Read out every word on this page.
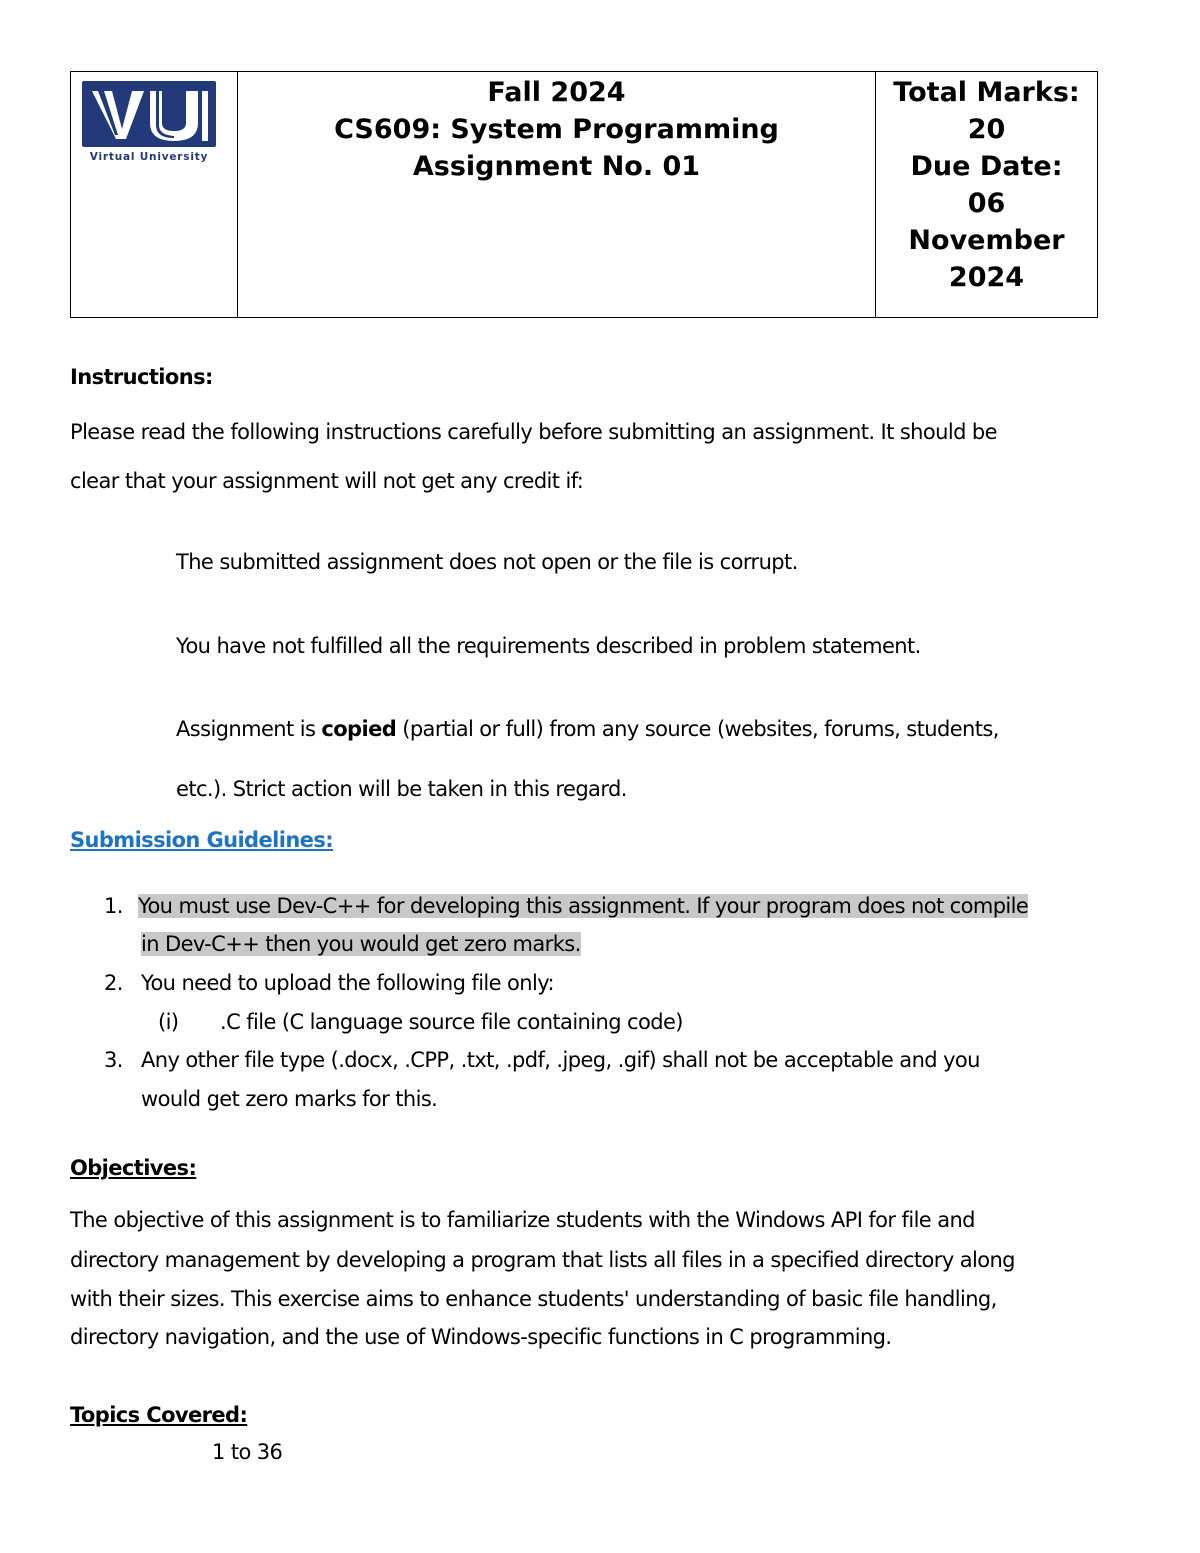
VU
Virtual University

Fall 2024
CS609: System Programming
Assignment No. 01

Total Marks:
20
Due Date:
06
November
2024
Instructions:
Please read the following instructions carefully before submitting an assignment. It should be
clear that your assignment will not get any credit if:
The submitted assignment does not open or the file is corrupt.
You have not fulfilled all the requirements described in problem statement.
Assignment is copied (partial or full) from any source (websites, forums, students,
etc.). Strict action will be taken in this regard.
Submission Guidelines:
1. You must use Dev-C++ for developing this assignment. If your program does not compile
in Dev-C++ then you would get zero marks.
2. You need to upload the following file only:
(i) .C file (C language source file containing code)
3. Any other file type (.docx, .CPP, .txt, .pdf, .jpeg, .gif) shall not be acceptable and you
would get zero marks for this.
Objectives:
The objective of this assignment is to familiarize students with the Windows API for file and
directory management by developing a program that lists all files in a specified directory along
with their sizes. This exercise aims to enhance students' understanding of basic file handling,
directory navigation, and the use of Windows-specific functions in C programming.
Topics Covered:
1 to 36
